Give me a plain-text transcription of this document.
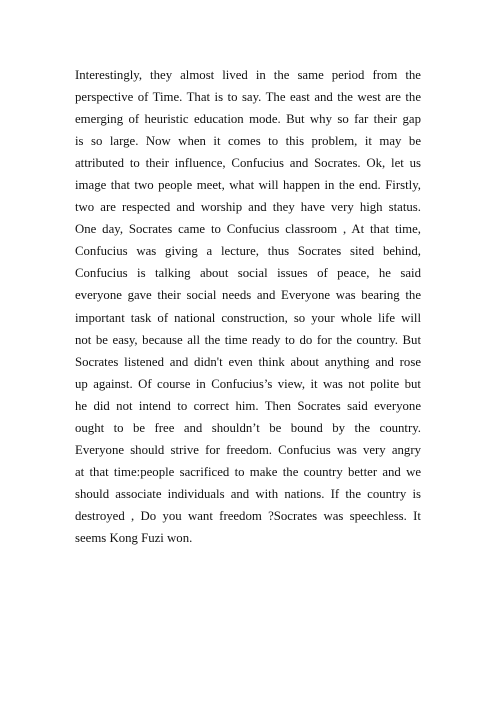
Interestingly, they almost lived in the same period from the
perspective of Time. That is to say. The east and the west are the
emerging of heuristic education mode. But why so far their gap
is so large. Now when it comes to this problem, it may be
attributed to their influence, Confucius and Socrates. Ok, let us
image that two people meet, what will happen in the end. Firstly,
two are respected and worship and they have very high status.
One day, Socrates came to Confucius classroom , At that time,
Confucius was giving a lecture, thus Socrates sited behind,
Confucius is talking about social issues of peace, he said
everyone gave their social needs and Everyone was bearing the
important task of national construction, so your whole life will
not be easy, because all the time ready to do for the country. But
Socrates listened and didn't even think about anything and rose
up against. Of course in Confucius’s view, it was not polite but
he did not intend to correct him. Then Socrates said everyone
ought to be free and shouldn’t be bound by the country.
Everyone should strive for freedom. Confucius was very angry
at that time:people sacrificed to make the country better and we
should associate individuals and with nations. If the country is
destroyed , Do you want freedom ?Socrates was speechless. It
seems Kong Fuzi won.
